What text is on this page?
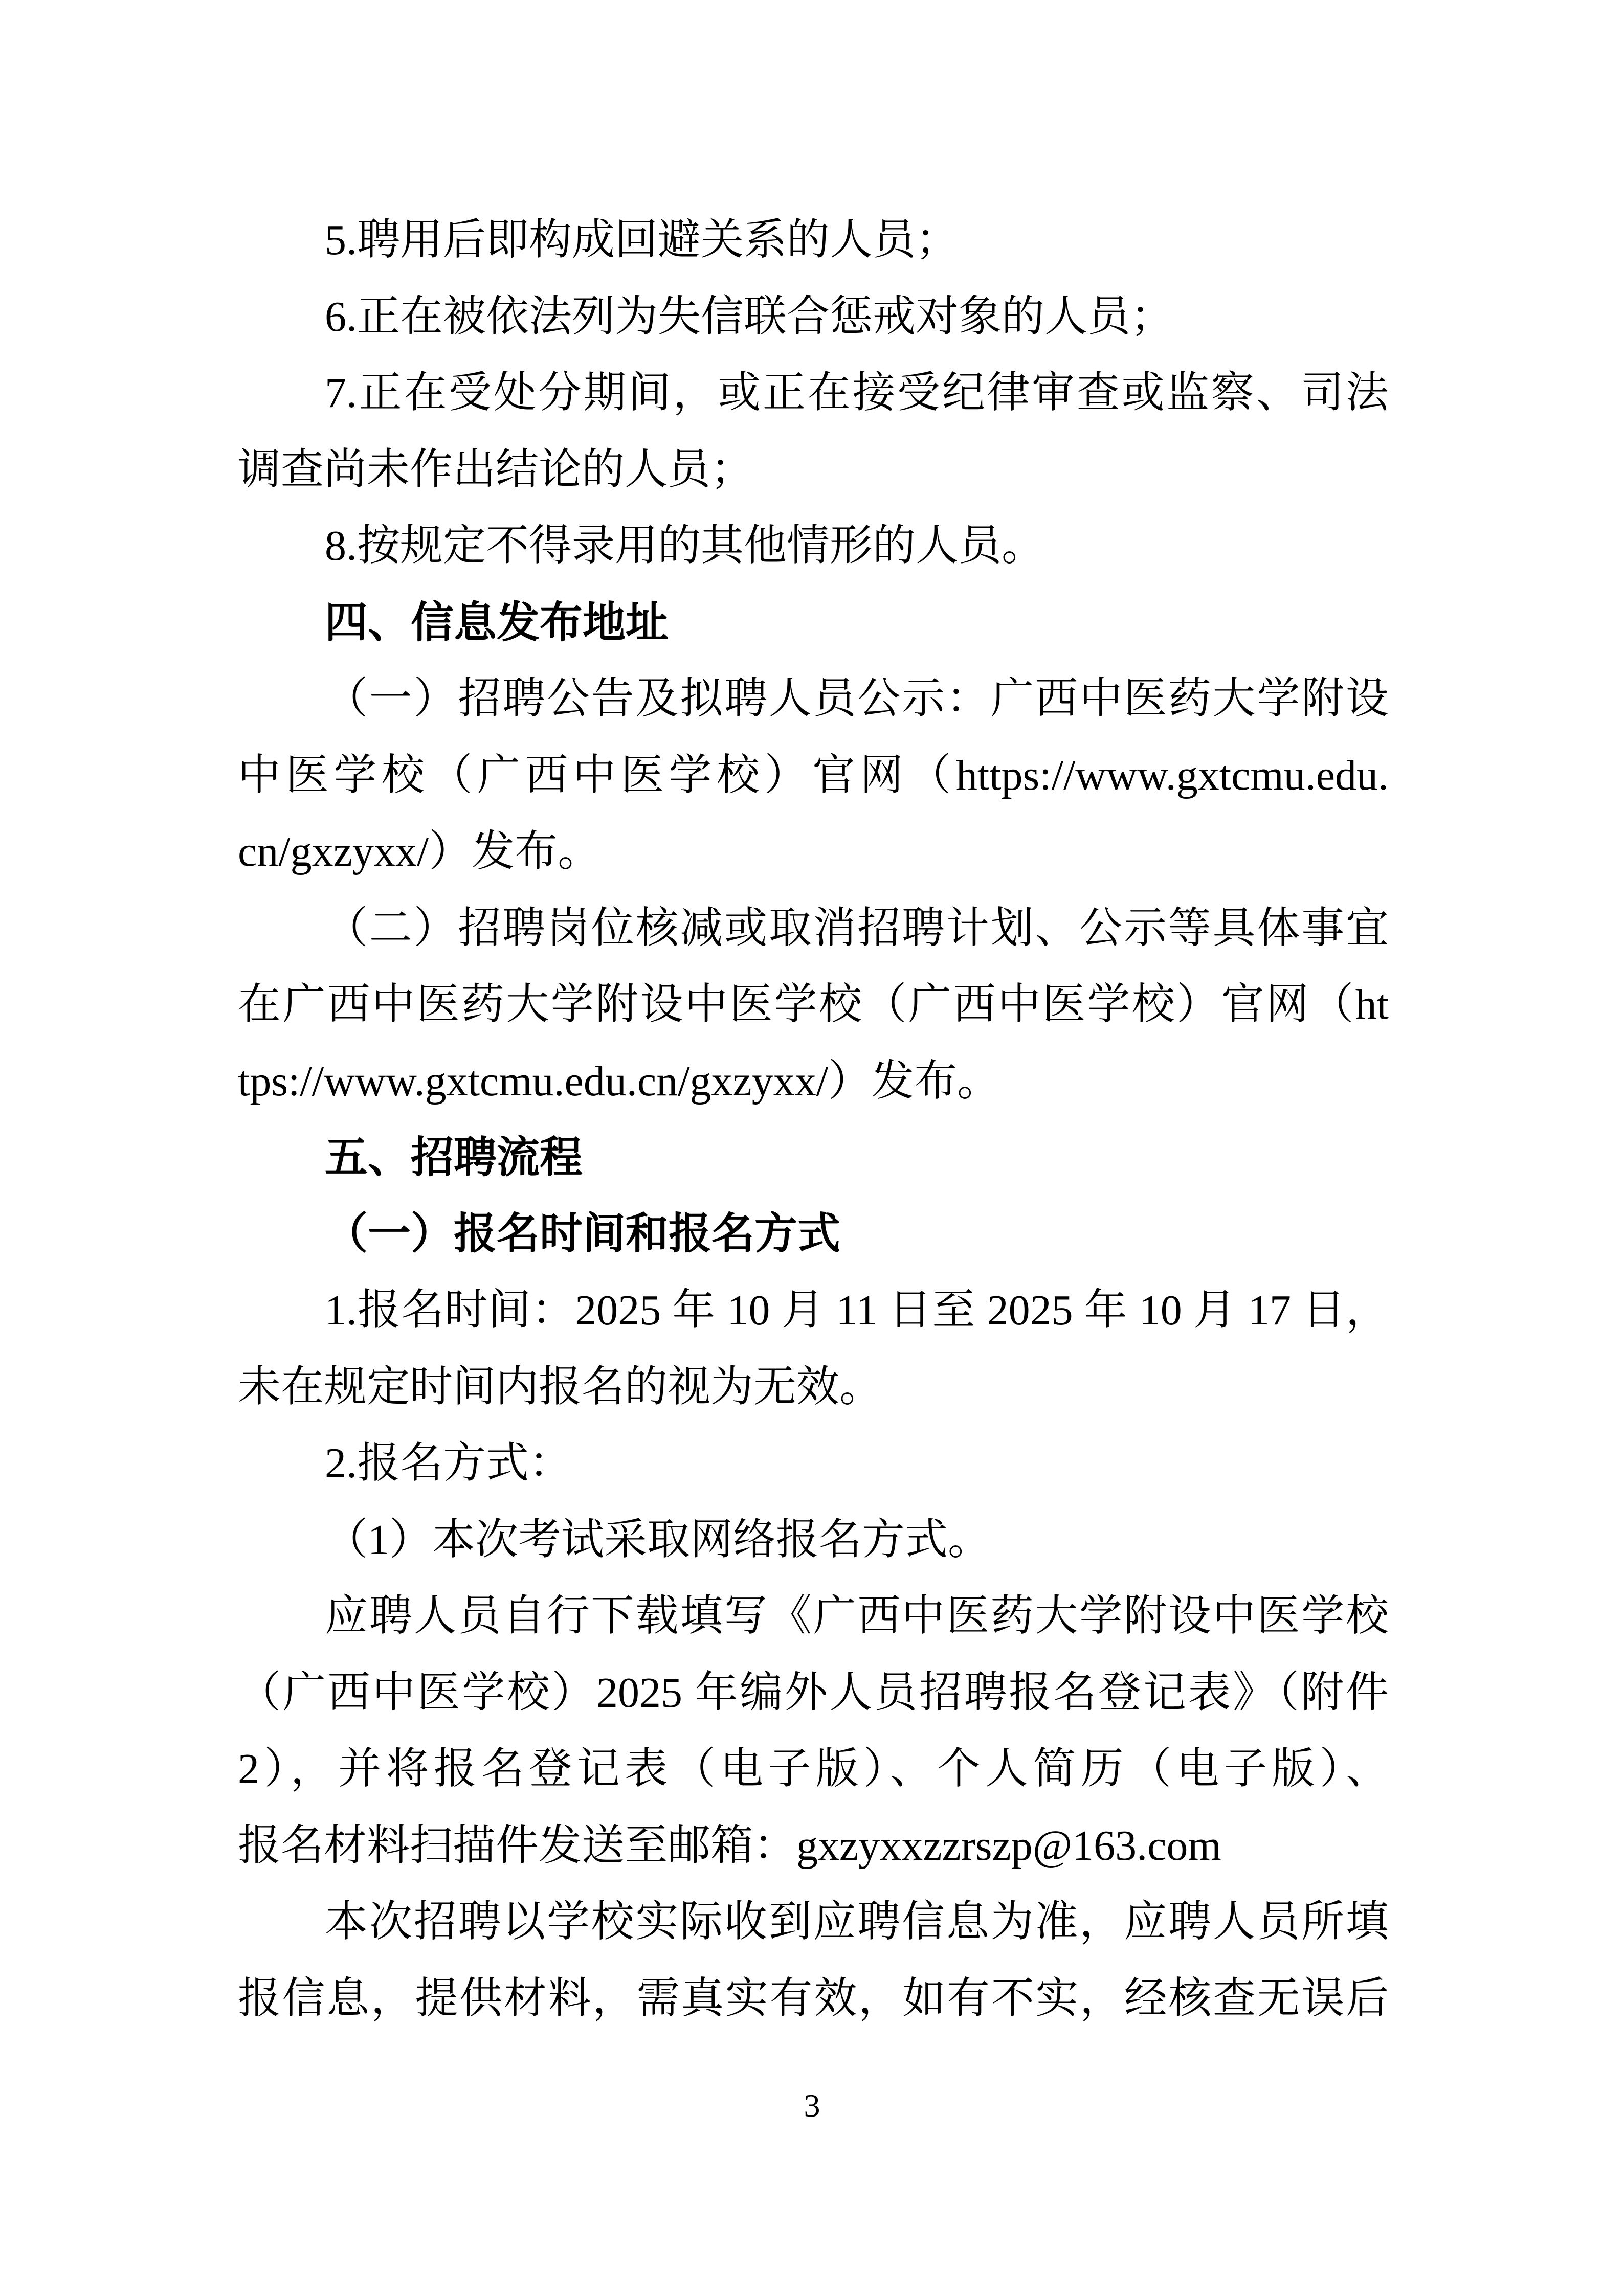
5.聘用后即构成回避关系的人员；
6.正在被依法列为失信联合惩戒对象的人员；
7.正在受处分期间，或正在接受纪律审查或监察、司法
调查尚未作出结论的人员；
8.按规定不得录用的其他情形的人员。
四、信息发布地址
（一）招聘公告及拟聘人员公示：广西中医药大学附设
中医学校（广西中医学校）官网（https://www.gxtcmu.edu.
cn/gxzyxx/）发布。
（二）招聘岗位核减或取消招聘计划、公示等具体事宜
在广西中医药大学附设中医学校（广西中医学校）官网（ht
tps://www.gxtcmu.edu.cn/gxzyxx/）发布。
五、招聘流程
（一）报名时间和报名方式
1.报名时间：2025 年 10 月 11 日至 2025 年 10 月 17 日，
未在规定时间内报名的视为无效。
2.报名方式：
（1）本次考试采取网络报名方式。
应聘人员自行下载填写《广西中医药大学附设中医学校
（广西中医学校）2025 年编外人员招聘报名登记表》（附件
2），并将报名登记表（电子版）、个人简历（电子版）、
报名材料扫描件发送至邮箱：gxzyxxzzrszp@163.com
本次招聘以学校实际收到应聘信息为准，应聘人员所填
报信息，提供材料，需真实有效，如有不实，经核查无误后
3
